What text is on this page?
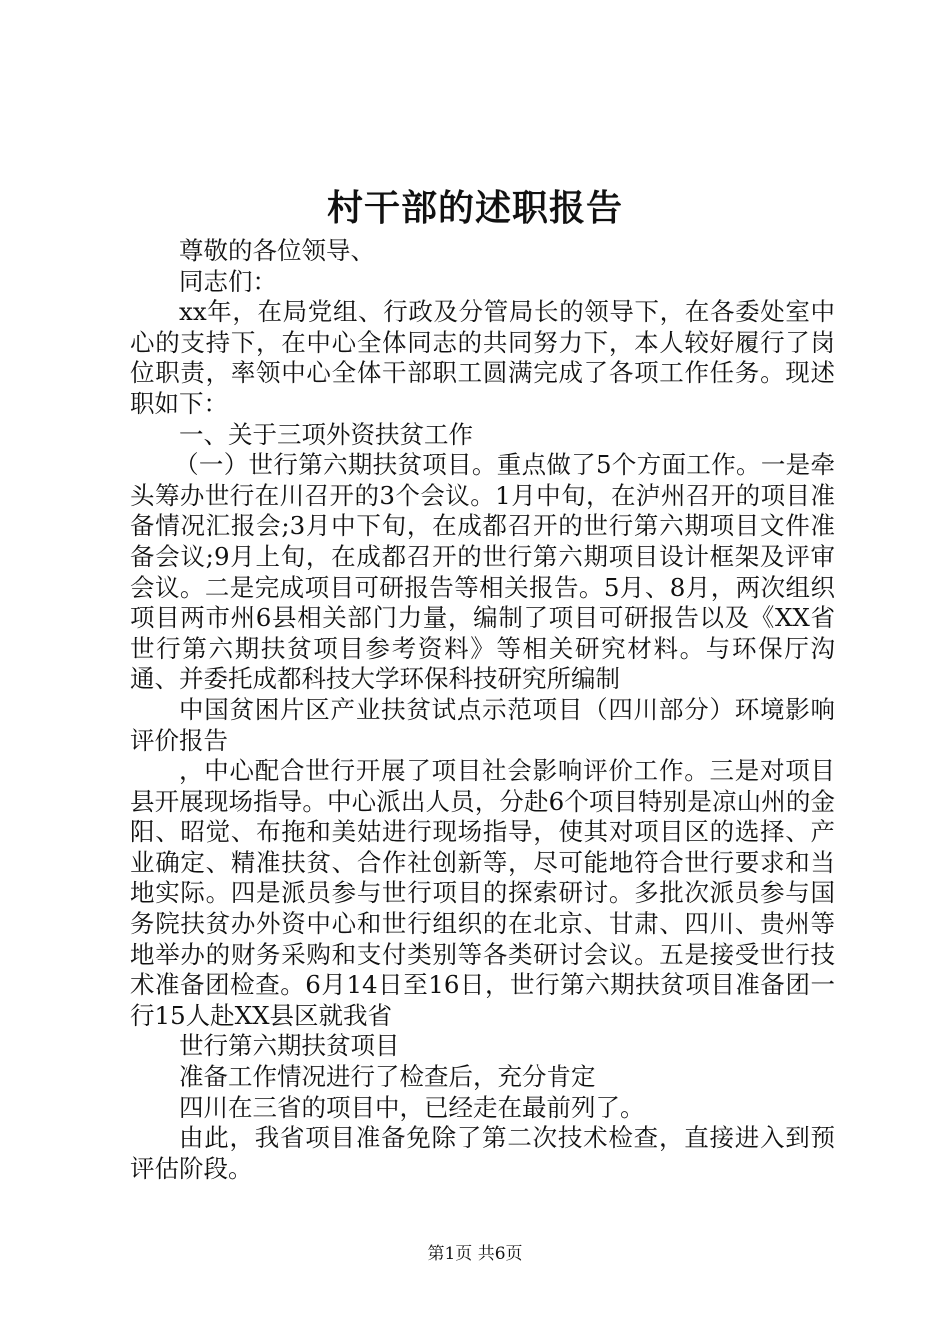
村干部的述职报告

尊敬的各位领导、

同志们：

xx年，在局党组、行政及分管局长的领导下，在各委处室中心的支持下，在中心全体同志的共同努力下，本人较好履行了岗位职责，率领中心全体干部职工圆满完成了各项工作任务。现述职如下：

一、关于三项外资扶贫工作

（一）世行第六期扶贫项目。重点做了5个方面工作。一是牵头筹办世行在川召开的3个会议。1月中旬，在泸州召开的项目准备情况汇报会;3月中下旬，在成都召开的世行第六期项目文件准备会议;9月上旬，在成都召开的世行第六期项目设计框架及评审会议。二是完成项目可研报告等相关报告。5月、8月，两次组织项目两市州6县相关部门力量，编制了项目可研报告以及《XX省世行第六期扶贫项目参考资料》等相关研究材料。与环保厅沟通、并委托成都科技大学环保科技研究所编制

中国贫困片区产业扶贫试点示范项目（四川部分）环境影响评价报告

，中心配合世行开展了项目社会影响评价工作。三是对项目县开展现场指导。中心派出人员，分赴6个项目特别是凉山州的金阳、昭觉、布拖和美姑进行现场指导，使其对项目区的选择、产业确定、精准扶贫、合作社创新等，尽可能地符合世行要求和当地实际。四是派员参与世行项目的探索研讨。多批次派员参与国务院扶贫办外资中心和世行组织的在北京、甘肃、四川、贵州等地举办的财务采购和支付类别等各类研讨会议。五是接受世行技术准备团检查。6月14日至16日，世行第六期扶贫项目准备团一行15人赴XX县区就我省

世行第六期扶贫项目

准备工作情况进行了检查后，充分肯定

四川在三省的项目中，已经走在最前列了。

由此，我省项目准备免除了第二次技术检查，直接进入到预评估阶段。

第1页 共6页
